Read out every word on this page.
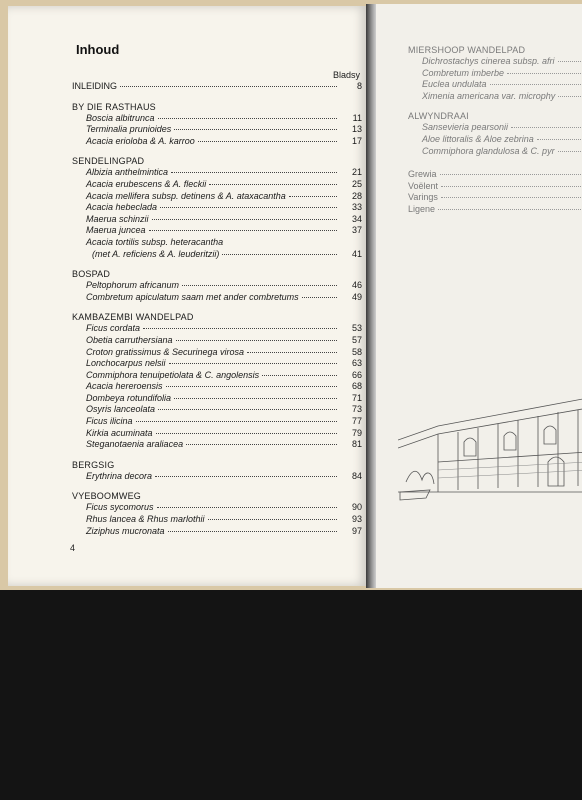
Inhoud
Bladsy
INLEIDING	8
BY DIE RASTHAUS
Boscia albitrunca	11
Terminalia prunioides	13
Acacia erioloba & A. karroo	17
SENDELINGPAD
Albizia anthelmintica	21
Acacia erubescens & A. fleckii	25
Acacia mellifera subsp. detinens & A. ataxacantha	28
Acacia hebeclada	33
Maerua schinzii	34
Maerua juncea	37
Acacia tortilis subsp. heteracantha
(met A. reficiens & A. leuderitzii)	41
BOSPAD
Peltophorum africanum	46
Combretum apiculatum saam met ander combretums	49
KAMBAZEMBI WANDELPAD
Ficus cordata	53
Obetia carruthersiana	57
Croton gratissimus & Securinega virosa	58
Lonchocarpus nelsii	63
Commiphora tenuipetiolata & C. angolensis	66
Acacia hereroensis	68
Dombeya rotundifolia	71
Osyris lanceolata	73
Ficus ilicina	77
Kirkia acuminata	79
Steganotaenia araliacea	81
BERGSIG
Erythrina decora	84
VYEBOOMWEG
Ficus sycomorus	90
Rhus lancea & Rhus marlothii	93
Ziziphus mucronata	97
4
MIERSHOOP WANDELPAD
Dichrostachys cinerea subsp. afri
Combretum imberbe
Euclea undulata
Ximenia americana var. microphy
ALWYNDRAAI
Sansevieria pearsonii
Aloe littoralis & Aloe zebrina
Commiphora glandulosa & C. pyr
Grewia
Voëlent
Varings
Ligene
